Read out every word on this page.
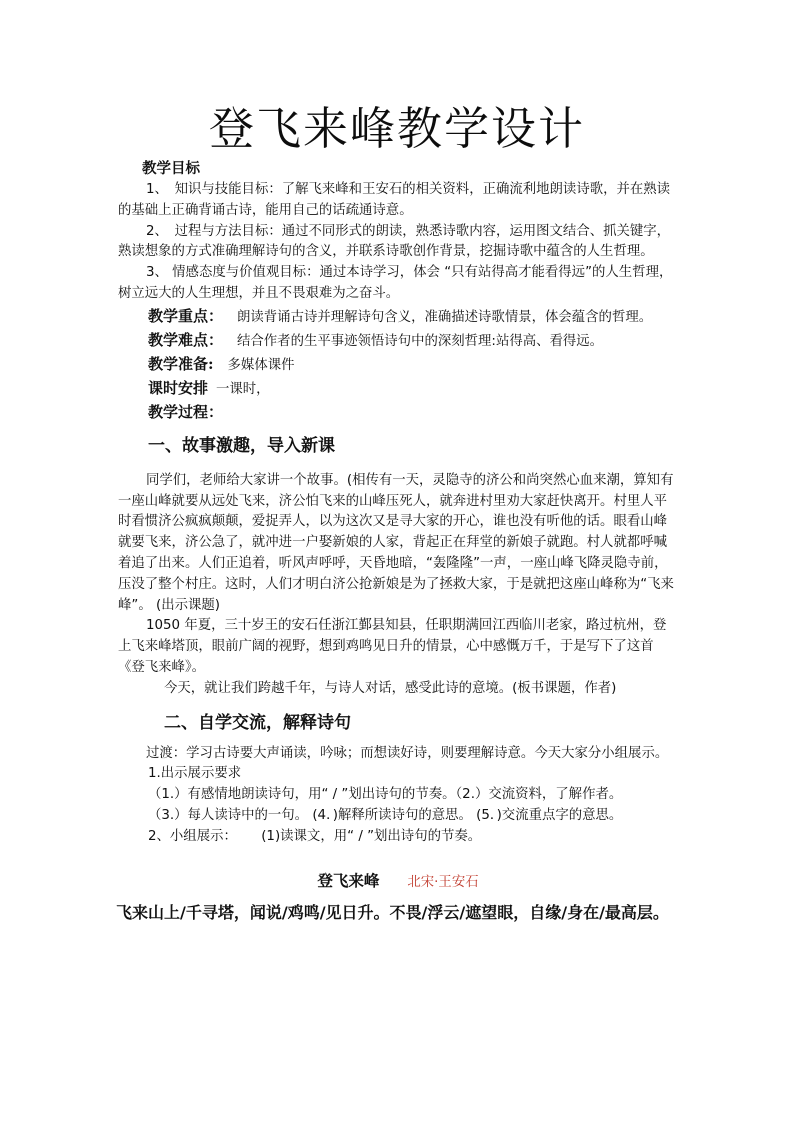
登飞来峰教学设计

教学目标

1、　知识与技能目标：了解飞来峰和王安石的相关资料，正确流利地朗读诗歌，并在熟读的基础上正确背诵古诗，能用自己的话疏通诗意。

2、　过程与方法目标：通过不同形式的朗读，熟悉诗歌内容，运用图文结合、抓关键字，熟读想象的方式准确理解诗句的含义，并联系诗歌创作背景，挖掘诗歌中蕴含的人生哲理。

3、 情感态度与价值观目标：通过本诗学习，体会 “只有站得高才能看得远”的人生哲理，树立远大的人生理想，并且不畏艰难为之奋斗。

教学重点： 朗读背诵古诗并理解诗句含义，准确描述诗歌情景，体会蕴含的哲理。

教学难点： 结合作者的生平事迹领悟诗句中的深刻哲理:站得高、看得远。

教学准备: 多媒体课件

课时安排 一课时，

教学过程：

一、故事激趣，导入新课

同学们，老师给大家讲一个故事。(相传有一天，灵隐寺的济公和尚突然心血来潮，算知有一座山峰就要从远处飞来，济公怕飞来的山峰压死人，就奔进村里劝大家赶快离开。村里人平时看惯济公疯疯颠颠，爱捉弄人，以为这次又是寻大家的开心，谁也没有听他的话。眼看山峰就要飞来，济公急了，就冲进一户娶新娘的人家，背起正在拜堂的新娘子就跑。村人就都呼喊着追了出来。人们正追着，听风声呼呼，天昏地暗，“轰隆隆”一声，一座山峰飞降灵隐寺前，压没了整个村庄。这时，人们才明白济公抢新娘是为了拯救大家，于是就把这座山峰称为“飞来峰”。 (出示课题)

1050 年夏，三十岁王的安石任浙江鄞县知县，任职期满回江西临川老家，路过杭州，登上飞来峰塔顶，眼前广阔的视野，想到鸡鸣见日升的情景，心中感慨万千，于是写下了这首《登飞来峰》。

今天，就让我们跨越千年，与诗人对话，感受此诗的意境。(板书课题，作者)

二、自学交流，解释诗句

过渡：学习古诗要大声诵读，吟咏；而想读好诗，则要理解诗意。今天大家分小组展示。

1.出示展示要求

（1.）有感情地朗读诗句，用“ / ”划出诗句的节奏。（2.）交流资料，了解作者。

（3.）每人读诗中的一句。 (4．)解释所读诗句的意思。 (5．)交流重点字的意思。

2、小组展示：　　 (1)读课文，用“ / ”划出诗句的节奏。

登飞来峰 北宋·王安石

飞来山上/千寻塔，闻说/鸡鸣/见日升。不畏/浮云/遮望眼，自缘/身在/最高层。
